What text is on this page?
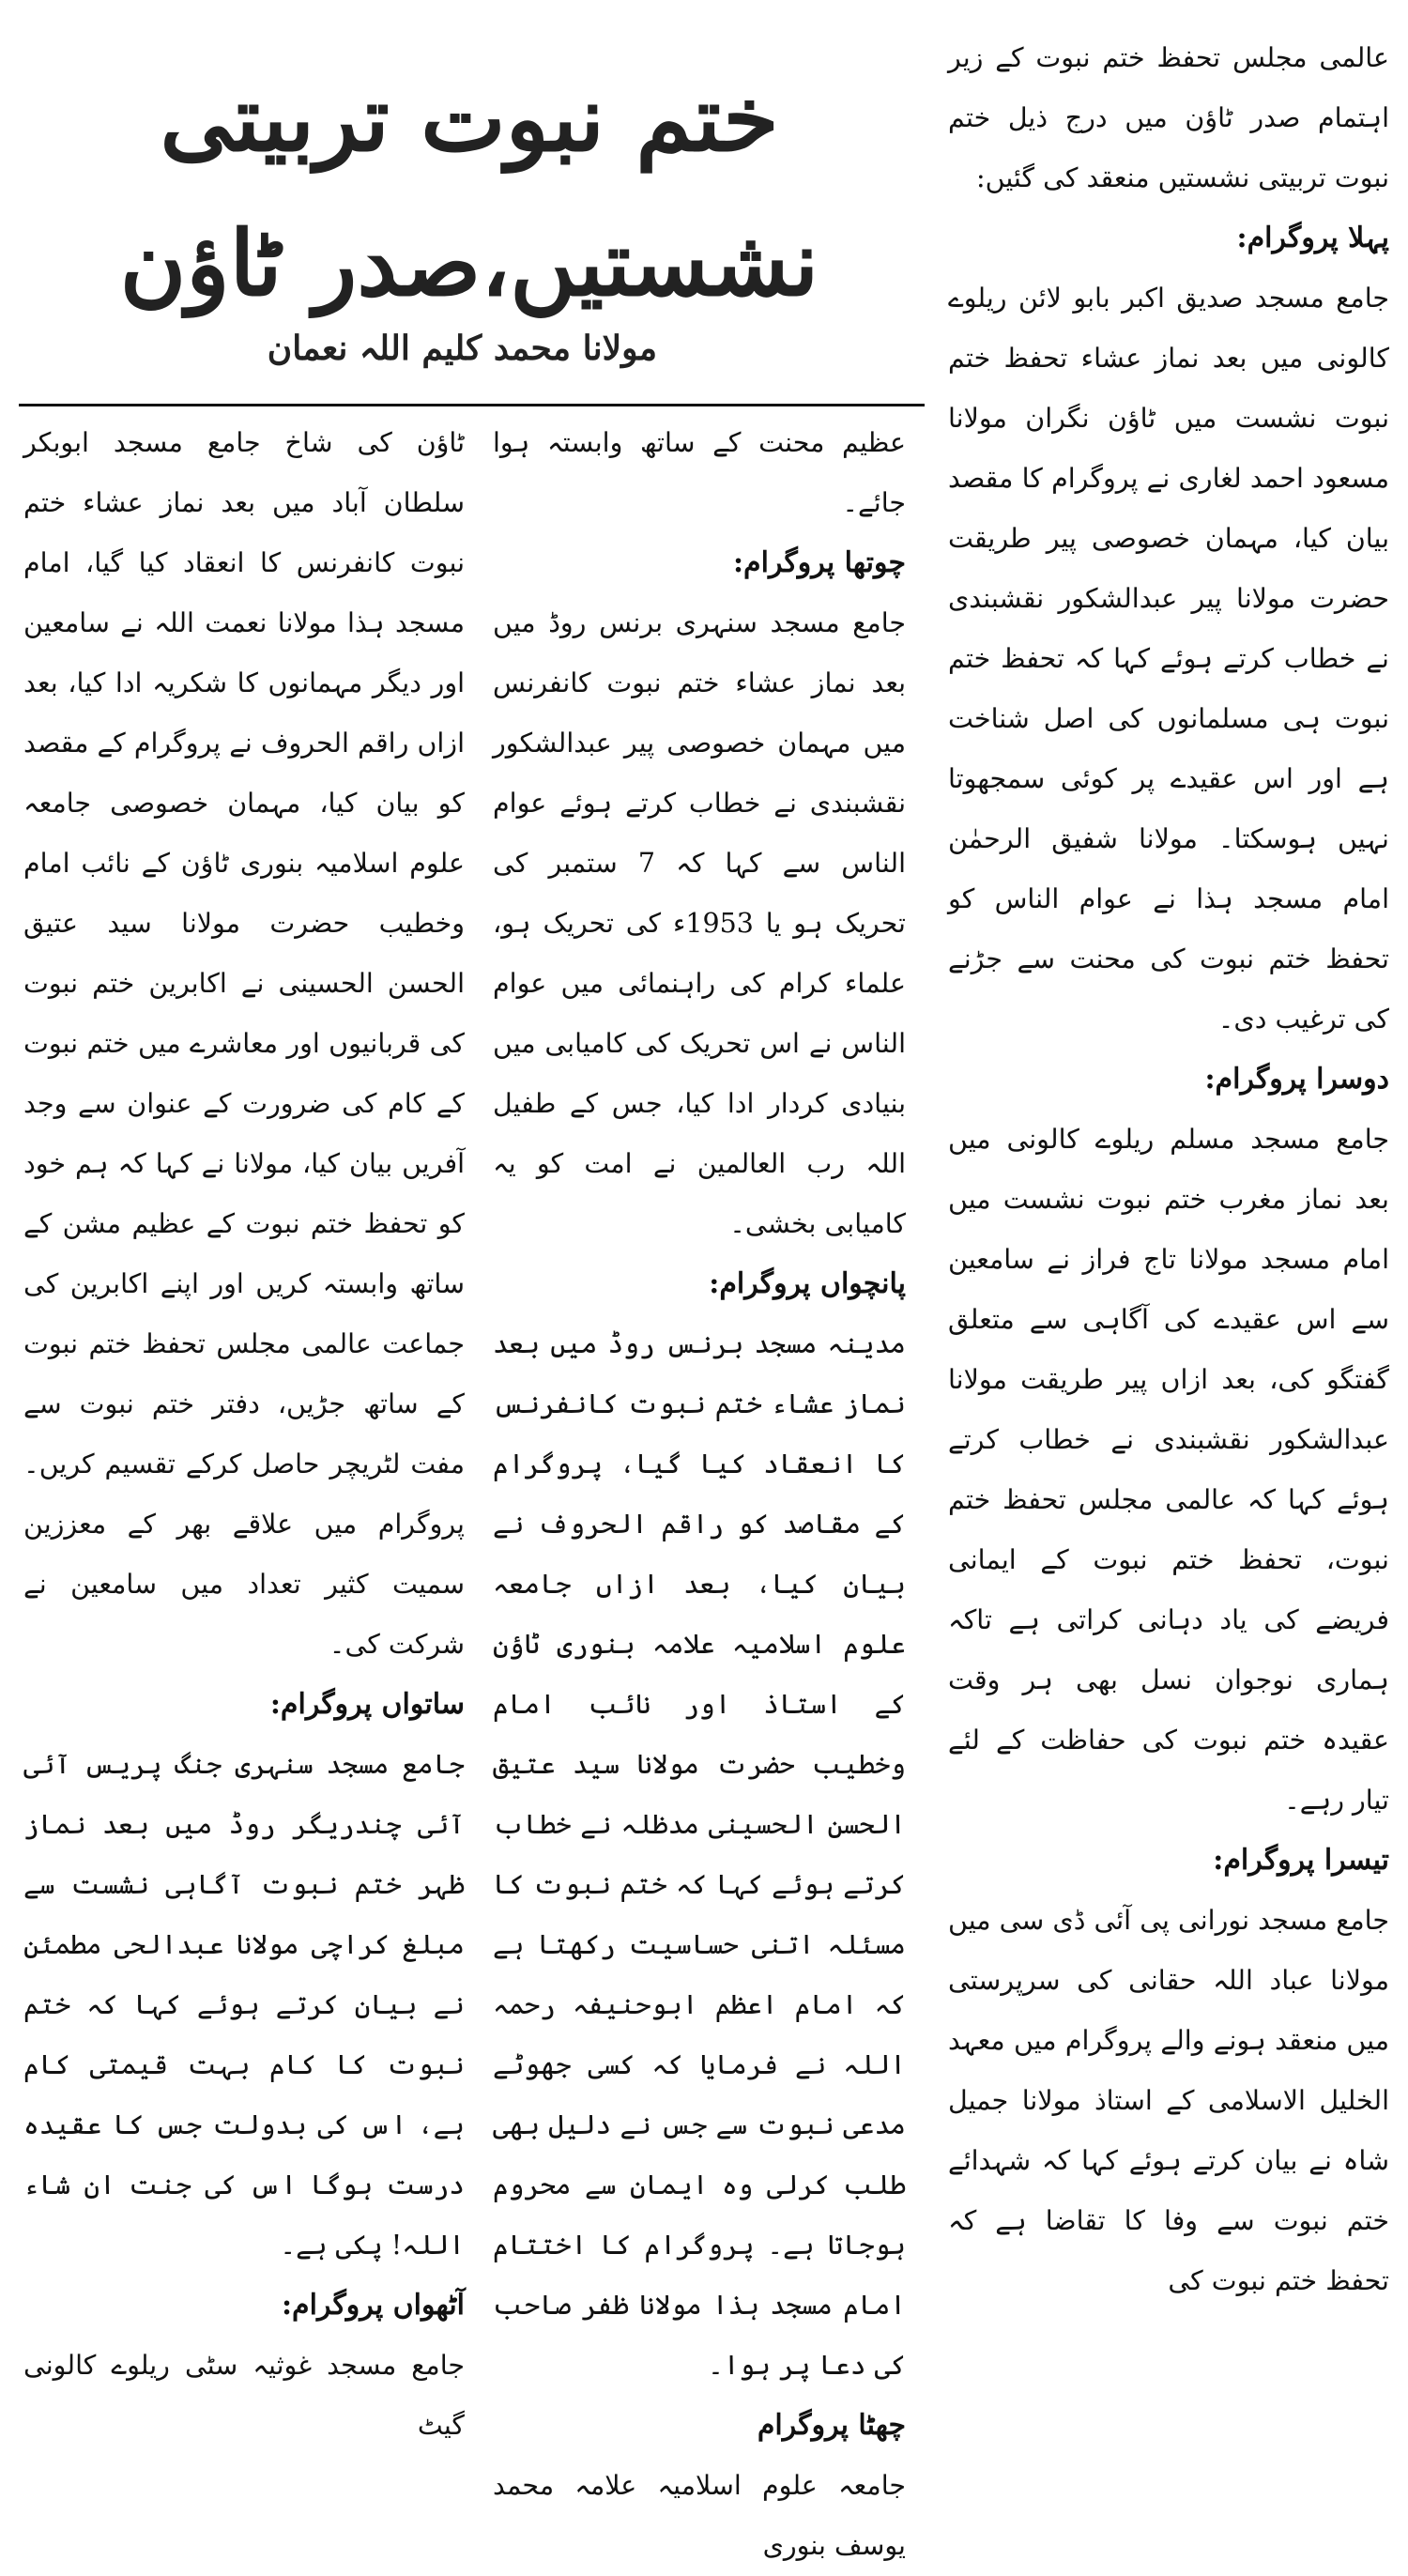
ختم نبوت تربیتی نشستیں،صدر ٹاؤن
مولانا محمد کلیم اللہ نعمان

عالمی مجلس تحفظ ختم نبوت کے زیر اہتمام صدر ٹاؤن میں درج ذیل ختم نبوت تربیتی نشستیں منعقد کی گئیں:

پہلا پروگرام:

جامع مسجد صدیق اکبر بابو لائن ریلوے کالونی میں بعد نماز عشاء تحفظ ختم نبوت نشست میں ٹاؤن نگران مولانا مسعود احمد لغاری نے پروگرام کا مقصد بیان کیا، مہمان خصوصی پیر طریقت حضرت مولانا پیر عبدالشکور نقشبندی نے خطاب کرتے ہوئے کہا کہ تحفظ ختم نبوت ہی مسلمانوں کی اصل شناخت ہے اور اس عقیدے پر کوئی سمجھوتا نہیں ہوسکتا۔ مولانا شفیق الرحمٰن امام مسجد ہذا نے عوام الناس کو تحفظ ختم نبوت کی محنت سے جڑنے کی ترغیب دی۔

دوسرا پروگرام:

جامع مسجد مسلم ریلوے کالونی میں بعد نماز مغرب ختم نبوت نشست میں امام مسجد مولانا تاج فراز نے سامعین سے اس عقیدے کی آگاہی سے متعلق گفتگو کی، بعد ازاں پیر طریقت مولانا عبدالشکور نقشبندی نے خطاب کرتے ہوئے کہا کہ عالمی مجلس تحفظ ختم نبوت، تحفظ ختم نبوت کے ایمانی فریضے کی یاد دہانی کراتی ہے تاکہ ہماری نوجوان نسل بھی ہر وقت عقیدہ ختم نبوت کی حفاظت کے لئے تیار رہے۔

تیسرا پروگرام:

جامع مسجد نورانی پی آئی ڈی سی میں مولانا عباد اللہ حقانی کی سرپرستی میں منعقد ہونے والے پروگرام میں معہد الخلیل الاسلامی کے استاذ مولانا جمیل شاہ نے بیان کرتے ہوئے کہا کہ شہدائے ختم نبوت سے وفا کا تقاضا ہے کہ تحفظ ختم نبوت کی

عظیم محنت کے ساتھ وابستہ ہوا جائے۔

چوتھا پروگرام:

جامع مسجد سنہری برنس روڈ میں بعد نماز عشاء ختم نبوت کانفرنس میں مہمان خصوصی پیر عبدالشکور نقشبندی نے خطاب کرتے ہوئے عوام الناس سے کہا کہ 7 ستمبر کی تحریک ہو یا 1953ء کی تحریک ہو، علماء کرام کی راہنمائی میں عوام الناس نے اس تحریک کی کامیابی میں بنیادی کردار ادا کیا، جس کے طفیل اللہ رب العالمین نے امت کو یہ کامیابی بخشی۔

پانچواں پروگرام:

مدینہ مسجد برنس روڈ میں بعد نماز عشاء ختم نبوت کانفرنس کا انعقاد کیا گیا، پروگرام کے مقاصد کو راقم الحروف نے بیان کیا، بعد ازاں جامعہ علوم اسلامیہ علامہ بنوری ٹاؤن کے استاذ اور نائب امام وخطیب حضرت مولانا سید عتیق الحسن الحسینی مدظلہ نے خطاب کرتے ہوئے کہا کہ ختم نبوت کا مسئلہ اتنی حساسیت رکھتا ہے کہ امام اعظم ابوحنیفہ رحمہ اللہ نے فرمایا کہ کسی جھوٹے مدعی نبوت سے جس نے دلیل بھی طلب کرلی وہ ایمان سے محروم ہوجاتا ہے۔ پروگرام کا اختتام امام مسجد ہذا مولانا ظفر صاحب کی دعا پر ہوا۔

چھٹا پروگرام

جامعہ علوم اسلامیہ علامہ محمد یوسف بنوری

ٹاؤن کی شاخ جامع مسجد ابوبکر سلطان آباد میں بعد نماز عشاء ختم نبوت کانفرنس کا انعقاد کیا گیا، امام مسجد ہذا مولانا نعمت اللہ نے سامعین اور دیگر مہمانوں کا شکریہ ادا کیا، بعد ازاں راقم الحروف نے پروگرام کے مقصد کو بیان کیا، مہمان خصوصی جامعہ علوم اسلامیہ بنوری ٹاؤن کے نائب امام وخطیب حضرت مولانا سید عتیق الحسن الحسینی نے اکابرین ختم نبوت کی قربانیوں اور معاشرے میں ختم نبوت کے کام کی ضرورت کے عنوان سے وجد آفریں بیان کیا، مولانا نے کہا کہ ہم خود کو تحفظ ختم نبوت کے عظیم مشن کے ساتھ وابستہ کریں اور اپنے اکابرین کی جماعت عالمی مجلس تحفظ ختم نبوت کے ساتھ جڑیں، دفتر ختم نبوت سے مفت لٹریچر حاصل کرکے تقسیم کریں۔ پروگرام میں علاقے بھر کے معززین سمیت کثیر تعداد میں سامعین نے شرکت کی۔

ساتواں پروگرام:

جامع مسجد سنہری جنگ پریس آئی آئی چندریگر روڈ میں بعد نماز ظہر ختم نبوت آگاہی نشست سے مبلغ کراچی مولانا عبدالحی مطمئن نے بیان کرتے ہوئے کہا کہ ختم نبوت کا کام بہت قیمتی کام ہے، اس کی بدولت جس کا عقیدہ درست ہوگا اس کی جنت ان شاء اللہ! پکی ہے۔

آٹھواں پروگرام:

جامع مسجد غوثیہ سٹی ریلوے کالونی گیٹ
